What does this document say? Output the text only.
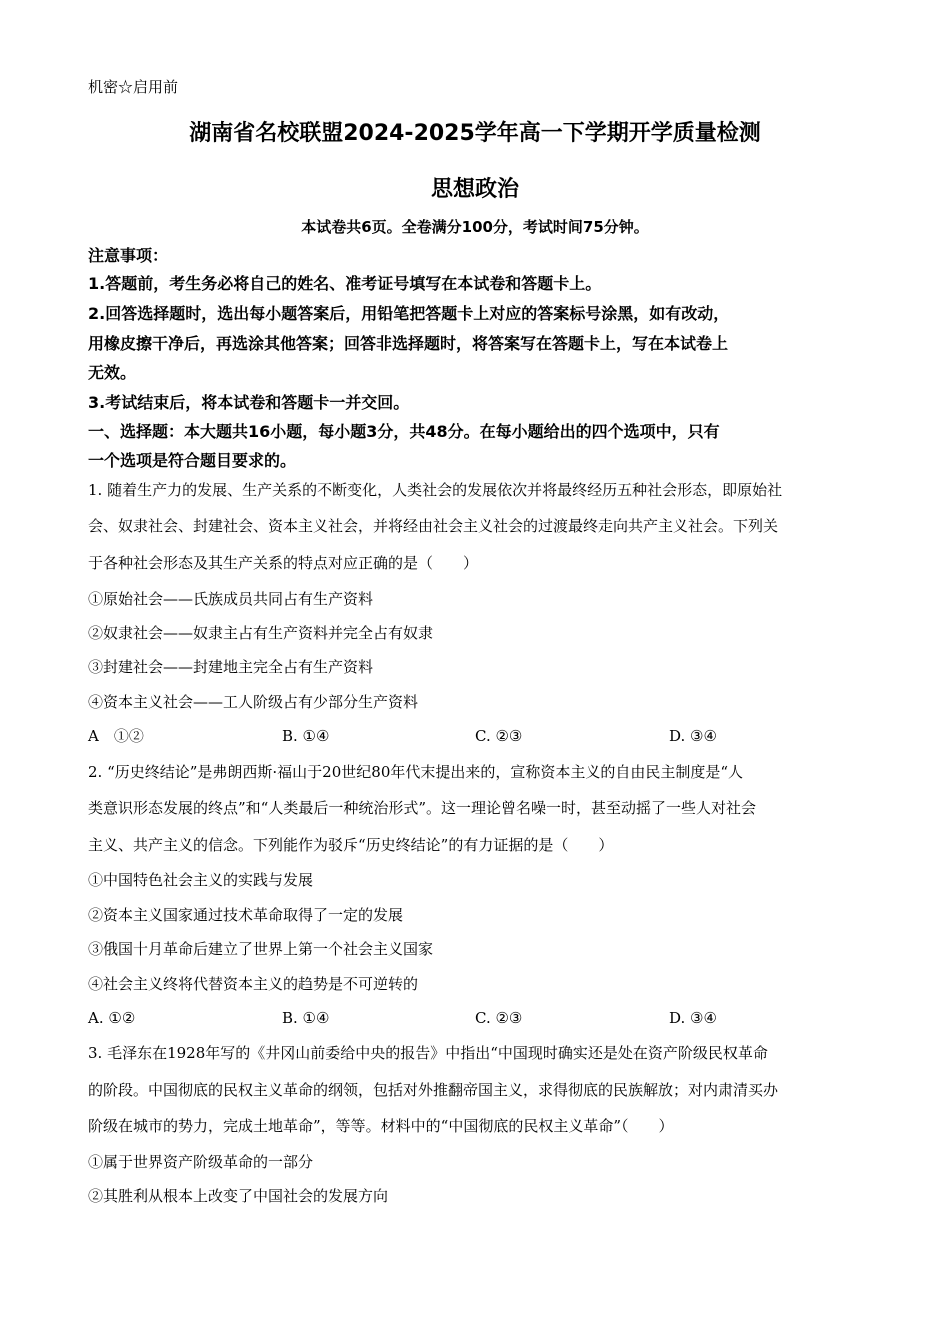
机密☆启用前
湖南省名校联盟2024-2025学年高一下学期开学质量检测
思想政治
本试卷共6页。全卷满分100分，考试时间75分钟。
注意事项：
1.答题前，考生务必将自己的姓名、准考证号填写在本试卷和答题卡上。
2.回答选择题时，选出每小题答案后，用铅笔把答题卡上对应的答案标号涂黑，如有改动，
用橡皮擦干净后，再选涂其他答案；回答非选择题时，将答案写在答题卡上，写在本试卷上
无效。
3.考试结束后，将本试卷和答题卡一并交回。
一、选择题：本大题共16小题，每小题3分，共48分。在每小题给出的四个选项中，只有
一个选项是符合题目要求的。
1. 随着生产力的发展、生产关系的不断变化，人类社会的发展依次并将最终经历五种社会形态，即原始社
会、奴隶社会、封建社会、资本主义社会，并将经由社会主义社会的过渡最终走向共产主义社会。下列关
于各种社会形态及其生产关系的特点对应正确的是（　　）
①原始社会——氏族成员共同占有生产资料
②奴隶社会——奴隶主占有生产资料并完全占有奴隶
③封建社会——封建地主完全占有生产资料
④资本主义社会——工人阶级占有少部分生产资料
A　①②	B. ①④	C. ②③	D. ③④
2. “历史终结论”是弗朗西斯·福山于20世纪80年代末提出来的，宣称资本主义的自由民主制度是“人
类意识形态发展的终点”和“人类最后一种统治形式”。这一理论曾名噪一时，甚至动摇了一些人对社会
主义、共产主义的信念。下列能作为驳斥“历史终结论”的有力证据的是（　　）
①中国特色社会主义的实践与发展
②资本主义国家通过技术革命取得了一定的发展
③俄国十月革命后建立了世界上第一个社会主义国家
④社会主义终将代替资本主义的趋势是不可逆转的
A. ①②	B. ①④	C. ②③	D. ③④
3. 毛泽东在1928年写的《井冈山前委给中央的报告》中指出“中国现时确实还是处在资产阶级民权革命
的阶段。中国彻底的民权主义革命的纲领，包括对外推翻帝国主义，求得彻底的民族解放；对内肃清买办
阶级在城市的势力，完成土地革命”，等等。材料中的“中国彻底的民权主义革命”（　　）
①属于世界资产阶级革命的一部分
②其胜利从根本上改变了中国社会的发展方向
